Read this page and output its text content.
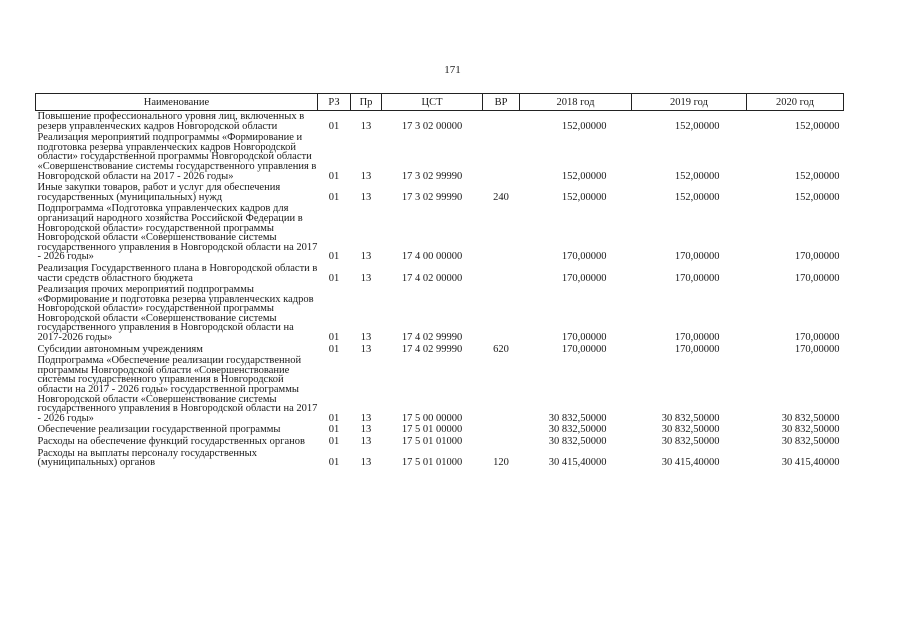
171
Наименование	РЗ	Пр	ЦСТ	ВР	2018 год	2019 год	2020 год
Повышение профессионального уровня лиц, включенных в резерв управленческих кадров Новгородской области	01	13	17 3 02 00000		152,00000	152,00000	152,00000
Реализация мероприятий подпрограммы «Формирование и подготовка резерва управленческих кадров Новгородской области» государственной программы Новгородской области «Совершенствование системы государственного управления в Новгородской области на 2017 - 2026 годы»	01	13	17 3 02 99990		152,00000	152,00000	152,00000
Иные закупки товаров, работ и услуг для обеспечения государственных (муниципальных) нужд	01	13	17 3 02 99990	240	152,00000	152,00000	152,00000
Подпрограмма «Подготовка управленческих кадров для организаций народного хозяйства Российской Федерации в Новгородской области» государственной программы Новгородской области «Совершенствование системы государственного управления в Новгородской области на 2017 - 2026 годы»	01	13	17 4 00 00000		170,00000	170,00000	170,00000
Реализация Государственного плана в Новгородской области в части средств областного бюджета	01	13	17 4 02 00000		170,00000	170,00000	170,00000
Реализация прочих мероприятий подпрограммы «Формирование и подготовка резерва управленческих кадров Новгородской области» государственной программы Новгородской области «Совершенствование системы государственного управления в Новгородской области на 2017-2026 годы»	01	13	17 4 02 99990		170,00000	170,00000	170,00000
Субсидии автономным учреждениям	01	13	17 4 02 99990	620	170,00000	170,00000	170,00000
Подпрограмма «Обеспечение реализации государственной программы Новгородской области «Совершенствование системы государственного управления в Новгородской области на 2017 - 2026 годы» государственной программы Новгородской области «Совершенствование системы государственного управления в Новгородской области на 2017 - 2026 годы»	01	13	17 5 00 00000		30 832,50000	30 832,50000	30 832,50000
Обеспечение реализации государственной программы	01	13	17 5 01 00000		30 832,50000	30 832,50000	30 832,50000
Расходы на обеспечение функций государственных органов	01	13	17 5 01 01000		30 832,50000	30 832,50000	30 832,50000
Расходы на выплаты персоналу государственных (муниципальных) органов	01	13	17 5 01 01000	120	30 415,40000	30 415,40000	30 415,40000
